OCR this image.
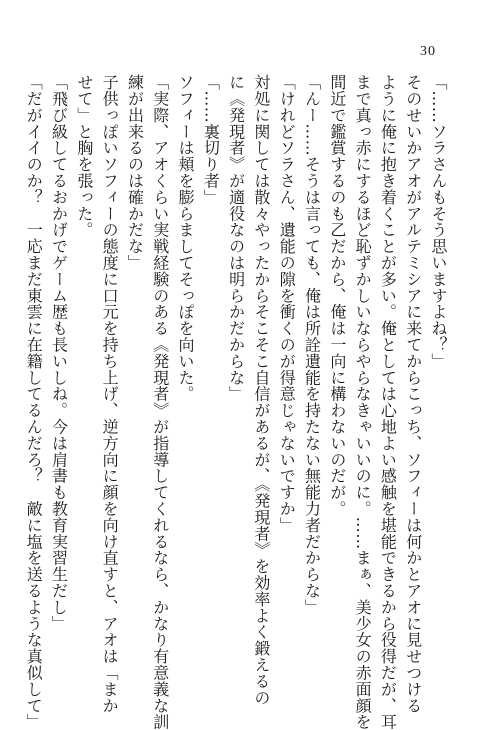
30
「……ソラさんもそう思いますよね？」
そのせいかアオがアルテミシアに来てからこっち、ソフィーは何かとアオに見せつける
ように俺に抱き着くことが多い。俺としては心地よい感触を堪能できるから役得だが、耳
まで真っ赤にするほど恥ずかしいならやらなきゃいいのに。……まぁ、美少女の赤面顔を
間近で鑑賞するのも乙だから、俺は一向に構わないのだが。
「んー……そうは言っても、俺は所詮遺能を持たない無能力者だからな」
「けれどソラさん、遺能の隙を衝くのが得意じゃないですか」
対処に関しては散々やったからそこそこ自信があるが、《発現者》を効率よく鍛えるの
に《発現者》が適役なのは明らかだからな」
「……裏切り者」
ソフィーは頬を膨らましてそっぽを向いた。
「実際、アオくらい実戦経験のある《発現者》が指導してくれるなら、かなり有意義な訓
練が出来るのは確かだな」
子供っぽいソフィーの態度に口元を持ち上げ、逆方向に顔を向け直すと、アオは「まか
せて」と胸を張った。
「飛び級してるおかげでゲーム歴も長いしね。今は肩書も教育実習生だし」
「だがイイのか？　一応まだ東雲に在籍してるんだろ？　敵に塩を送るような真似して」
